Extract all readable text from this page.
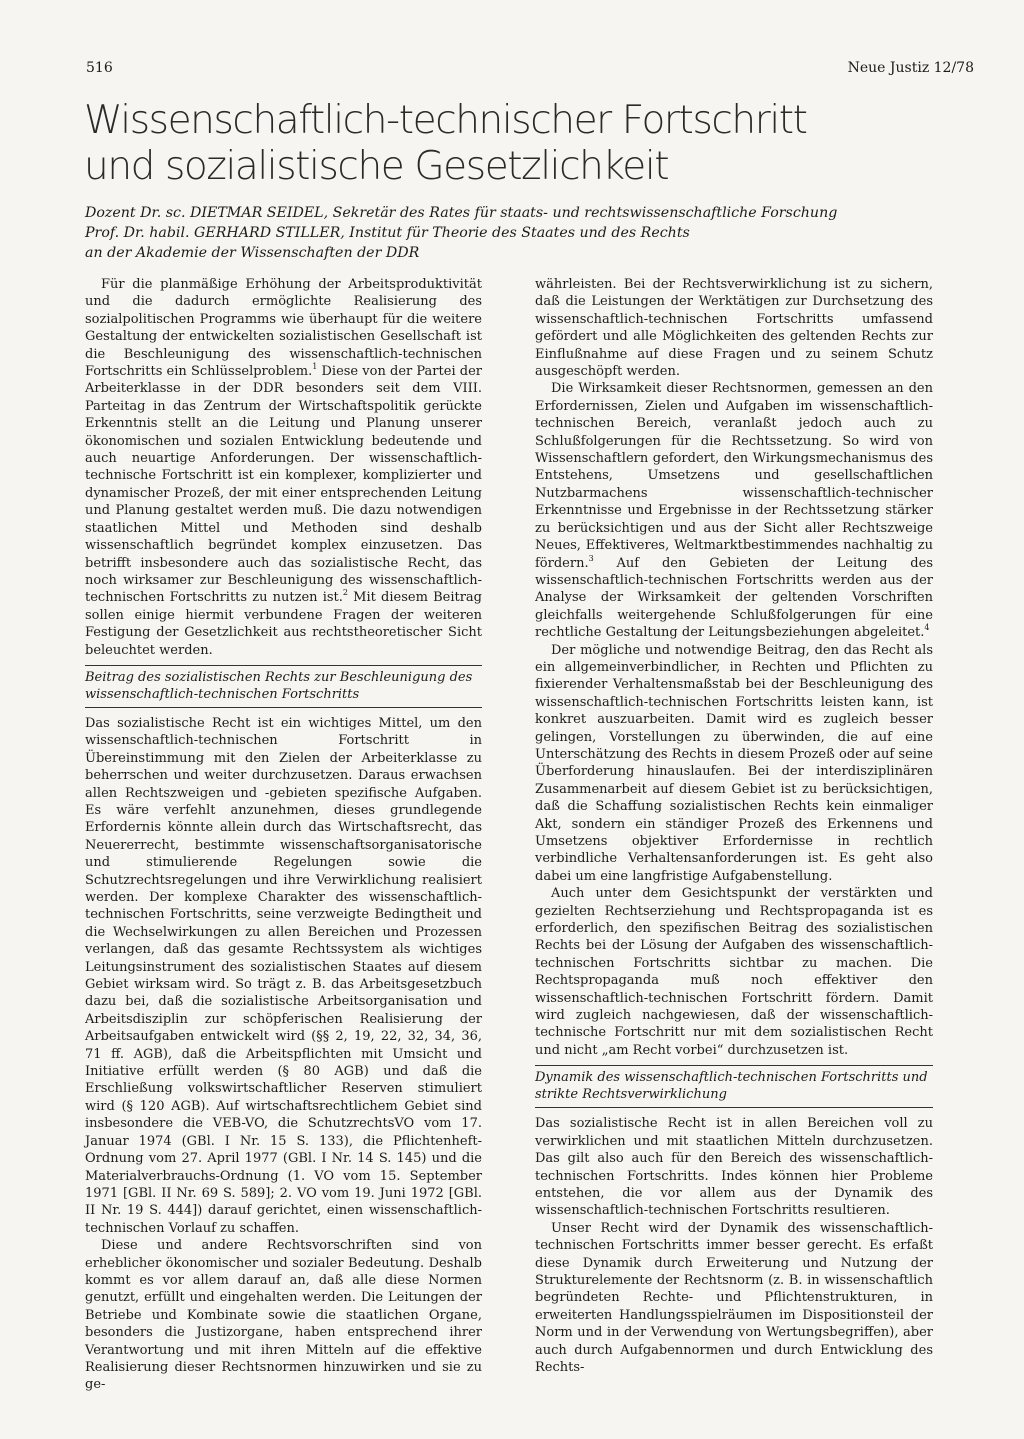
516	Neue Justiz 12/78
Wissenschaftlich-technischer Fortschritt
und sozialistische Gesetzlichkeit
Dozent Dr. sc. DIETMAR SEIDEL, Sekretär des Rates für staats- und rechtswissenschaftliche Forschung
Prof. Dr. habil. GERHARD STILLER, Institut für Theorie des Staates und des Rechts
an der Akademie der Wissenschaften der DDR

Für die planmäßige Erhöhung der Arbeitsproduktivität und die dadurch ermöglichte Realisierung des sozialpolitischen Programms wie überhaupt für die weitere Gestaltung der entwickelten sozialistischen Gesellschaft ist die Beschleunigung des wissenschaftlich-technischen Fortschritts ein Schlüsselproblem.$^1$ Diese von der Partei der Arbeiterklasse in der DDR besonders seit dem VIII. Parteitag in das Zentrum der Wirtschaftspolitik gerückte Erkenntnis stellt an die Leitung und Planung unserer ökonomischen und sozialen Entwicklung bedeutende und auch neuartige Anforderungen. Der wissenschaftlich-technische Fortschritt ist ein komplexer, komplizierter und dynamischer Prozeß, der mit einer entsprechenden Leitung und Planung gestaltet werden muß. Die dazu notwendigen staatlichen Mittel und Methoden sind deshalb wissenschaftlich begründet komplex einzusetzen. Das betrifft insbesondere auch das sozialistische Recht, das noch wirksamer zur Beschleunigung des wissenschaftlich-technischen Fortschritts zu nutzen ist.$^2$ Mit diesem Beitrag sollen einige hiermit verbundene Fragen der weiteren Festigung der Gesetzlichkeit aus rechtstheoretischer Sicht beleuchtet werden.

Beitrag des sozialistischen Rechts zur Beschleunigung des wissenschaftlich-technischen Fortschritts

Das sozialistische Recht ist ein wichtiges Mittel, um den wissenschaftlich-technischen Fortschritt in Übereinstimmung mit den Zielen der Arbeiterklasse zu beherrschen und weiter durchzusetzen. Daraus erwachsen allen Rechtszweigen und -gebieten spezifische Aufgaben. Es wäre verfehlt anzunehmen, dieses grundlegende Erfordernis könnte allein durch das Wirtschaftsrecht, das Neuererrecht, bestimmte wissenschaftsorganisatorische und stimulierende Regelungen sowie die Schutzrechtsregelungen und ihre Verwirklichung realisiert werden. Der komplexe Charakter des wissenschaftlich-technischen Fortschritts, seine verzweigte Bedingtheit und die Wechselwirkungen zu allen Bereichen und Prozessen verlangen, daß das gesamte Rechtssystem als wichtiges Leitungsinstrument des sozialistischen Staates auf diesem Gebiet wirksam wird. So trägt z. B. das Arbeitsgesetzbuch dazu bei, daß die sozialistische Arbeitsorganisation und Arbeitsdisziplin zur schöpferischen Realisierung der Arbeitsaufgaben entwickelt wird (§§ 2, 19, 22, 32, 34, 36, 71 ff. AGB), daß die Arbeitspflichten mit Umsicht und Initiative erfüllt werden (§ 80 AGB) und daß die Erschließung volkswirtschaftlicher Reserven stimuliert wird (§ 120 AGB). Auf wirtschaftsrechtlichem Gebiet sind insbesondere die VEB-VO, die SchutzrechtsVO vom 17. Januar 1974 (GBl. I Nr. 15 S. 133), die Pflichtenheft-Ordnung vom 27. April 1977 (GBl. I Nr. 14 S. 145) und die Materialverbrauchs-Ordnung (1. VO vom 15. September 1971 [GBl. II Nr. 69 S. 589]; 2. VO vom 19. Juni 1972 [GBl. II Nr. 19 S. 444]) darauf gerichtet, einen wissenschaftlich-technischen Vorlauf zu schaffen.

Diese und andere Rechtsvorschriften sind von erheblicher ökonomischer und sozialer Bedeutung. Deshalb kommt es vor allem darauf an, daß alle diese Normen genutzt, erfüllt und eingehalten werden. Die Leitungen der Betriebe und Kombinate sowie die staatlichen Organe, besonders die Justizorgane, haben entsprechend ihrer Verantwortung und mit ihren Mitteln auf die effektive Realisierung dieser Rechtsnormen hinzuwirken und sie zu ge-

währleisten. Bei der Rechtsverwirklichung ist zu sichern, daß die Leistungen der Werktätigen zur Durchsetzung des wissenschaftlich-technischen Fortschritts umfassend gefördert und alle Möglichkeiten des geltenden Rechts zur Einflußnahme auf diese Fragen und zu seinem Schutz ausgeschöpft werden.

Die Wirksamkeit dieser Rechtsnormen, gemessen an den Erfordernissen, Zielen und Aufgaben im wissenschaftlich-technischen Bereich, veranlaßt jedoch auch zu Schlußfolgerungen für die Rechtssetzung. So wird von Wissenschaftlern gefordert, den Wirkungsmechanismus des Entstehens, Umsetzens und gesellschaftlichen Nutzbarmachens wissenschaftlich-technischer Erkenntnisse und Ergebnisse in der Rechtssetzung stärker zu berücksichtigen und aus der Sicht aller Rechtszweige Neues, Effektiveres, Weltmarktbestimmendes nachhaltig zu fördern.$^3$ Auf den Gebieten der Leitung des wissenschaftlich-technischen Fortschritts werden aus der Analyse der Wirksamkeit der geltenden Vorschriften gleichfalls weitergehende Schlußfolgerungen für eine rechtliche Gestaltung der Leitungsbeziehungen abgeleitet.$^4$

Der mögliche und notwendige Beitrag, den das Recht als ein allgemeinverbindlicher, in Rechten und Pflichten zu fixierender Verhaltensmaßstab bei der Beschleunigung des wissenschaftlich-technischen Fortschritts leisten kann, ist konkret auszuarbeiten. Damit wird es zugleich besser gelingen, Vorstellungen zu überwinden, die auf eine Unterschätzung des Rechts in diesem Prozeß oder auf seine Überforderung hinauslaufen. Bei der interdisziplinären Zusammenarbeit auf diesem Gebiet ist zu berücksichtigen, daß die Schaffung sozialistischen Rechts kein einmaliger Akt, sondern ein ständiger Prozeß des Erkennens und Umsetzens objektiver Erfordernisse in rechtlich verbindliche Verhaltensanforderungen ist. Es geht also dabei um eine langfristige Aufgabenstellung.

Auch unter dem Gesichtspunkt der verstärkten und gezielten Rechtserziehung und Rechtspropaganda ist es erforderlich, den spezifischen Beitrag des sozialistischen Rechts bei der Lösung der Aufgaben des wissenschaftlich-technischen Fortschritts sichtbar zu machen. Die Rechtspropaganda muß noch effektiver den wissenschaftlich-technischen Fortschritt fördern. Damit wird zugleich nachgewiesen, daß der wissenschaftlich-technische Fortschritt nur mit dem sozialistischen Recht und nicht „am Recht vorbei“ durchzusetzen ist.

Dynamik des wissenschaftlich-technischen Fortschritts und strikte Rechtsverwirklichung

Das sozialistische Recht ist in allen Bereichen voll zu verwirklichen und mit staatlichen Mitteln durchzusetzen. Das gilt also auch für den Bereich des wissenschaftlich-technischen Fortschritts. Indes können hier Probleme entstehen, die vor allem aus der Dynamik des wissenschaftlich-technischen Fortschritts resultieren.

Unser Recht wird der Dynamik des wissenschaftlich-technischen Fortschritts immer besser gerecht. Es erfaßt diese Dynamik durch Erweiterung und Nutzung der Strukturelemente der Rechtsnorm (z. B. in wissenschaftlich begründeten Rechte- und Pflichtenstrukturen, in erweiterten Handlungsspielräumen im Dispositionsteil der Norm und in der Verwendung von Wertungsbegriffen), aber auch durch Aufgabennormen und durch Entwicklung des Rechts-
